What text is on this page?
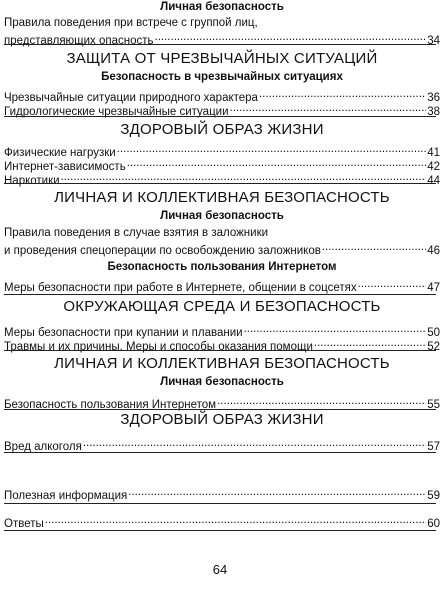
Личная безопасность
Правила поведения при встрече с группой лиц,
представляющих опасность .....	34
ЗАЩИТА ОТ ЧРЕЗВЫЧАЙНЫХ СИТУАЦИЙ
Безопасность в чрезвычайных ситуациях
Чрезвычайные ситуации природного характера .....	36
Гидрологические чрезвычайные ситуации .....	38
ЗДОРОВЫЙ ОБРАЗ ЖИЗНИ
Физические нагрузки .....	41
Интернет-зависимость .....	42
Наркотики .....	44
ЛИЧНАЯ И КОЛЛЕКТИВНАЯ БЕЗОПАСНОСТЬ
Личная безопасность
Правила поведения в случае взятия в заложники
и проведения спецоперации по освобождению заложников .....	46
Безопасность пользования Интернетом
Меры безопасности при работе в Интернете, общении в соцсетях .....	47
ОКРУЖАЮЩАЯ СРЕДА И БЕЗОПАСНОСТЬ
Меры безопасности при купании и плавании .....	50
Травмы и их причины. Меры и способы оказания помощи .....	52
ЛИЧНАЯ И КОЛЛЕКТИВНАЯ БЕЗОПАСНОСТЬ
Личная безопасность
Безопасность пользования Интернетом .....	55
ЗДОРОВЫЙ ОБРАЗ ЖИЗНИ
Вред алкоголя .....	57
Полезная информация .....	59
Ответы .....	60
64
